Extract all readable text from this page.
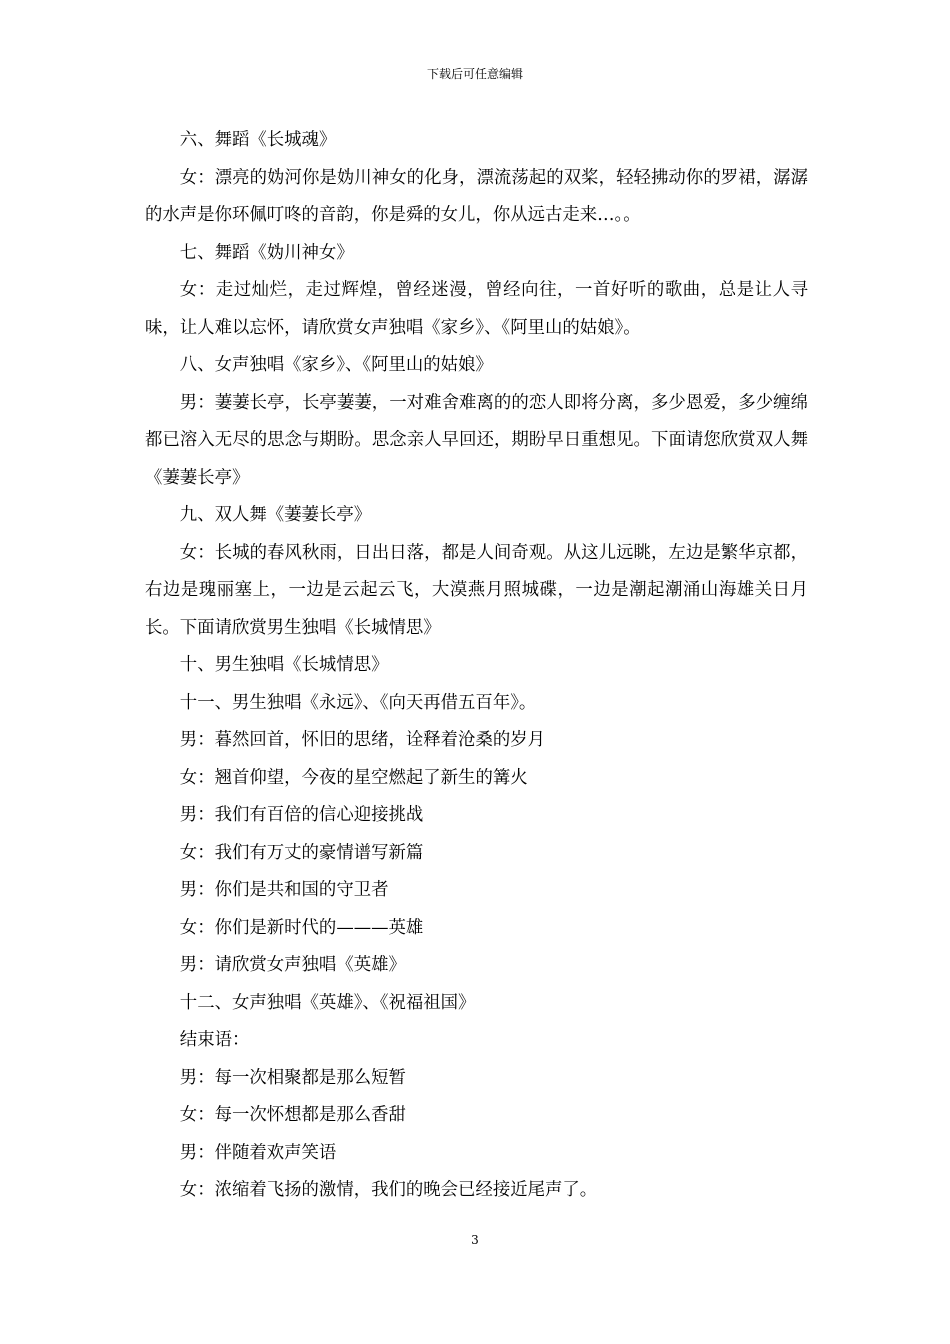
下载后可任意编辑

六、舞蹈《长城魂》

女：漂亮的妫河你是妫川神女的化身，漂流荡起的双桨，轻轻拂动你的罗裙，潺潺的水声是你环佩叮咚的音韵，你是舜的女儿，你从远古走来…。。

七、舞蹈《妫川神女》

女：走过灿烂，走过辉煌，曾经迷漫，曾经向往，一首好听的歌曲，总是让人寻味，让人难以忘怀，请欣赏女声独唱《家乡》、《阿里山的姑娘》。

八、女声独唱《家乡》、《阿里山的姑娘》

男：萋萋长亭，长亭萋萋，一对难舍难离的的恋人即将分离，多少恩爱，多少缠绵都已溶入无尽的思念与期盼。思念亲人早回还，期盼早日重想见。下面请您欣赏双人舞《萋萋长亭》

九、双人舞《萋萋长亭》

女：长城的春风秋雨，日出日落，都是人间奇观。从这儿远眺，左边是繁华京都，右边是瑰丽塞上，一边是云起云飞，大漠燕月照城碟，一边是潮起潮涌山海雄关日月长。下面请欣赏男生独唱《长城情思》

十、男生独唱《长城情思》

十一、男生独唱《永远》、《向天再借五百年》。

男：暮然回首，怀旧的思绪，诠释着沧桑的岁月

女：翘首仰望，今夜的星空燃起了新生的篝火

男：我们有百倍的信心迎接挑战

女：我们有万丈的豪情谱写新篇

男：你们是共和国的守卫者

女：你们是新时代的———英雄

男：请欣赏女声独唱《英雄》

十二、女声独唱《英雄》、《祝福祖国》

结束语：

男：每一次相聚都是那么短暂

女：每一次怀想都是那么香甜

男：伴随着欢声笑语

女：浓缩着飞扬的激情，我们的晚会已经接近尾声了。

3
